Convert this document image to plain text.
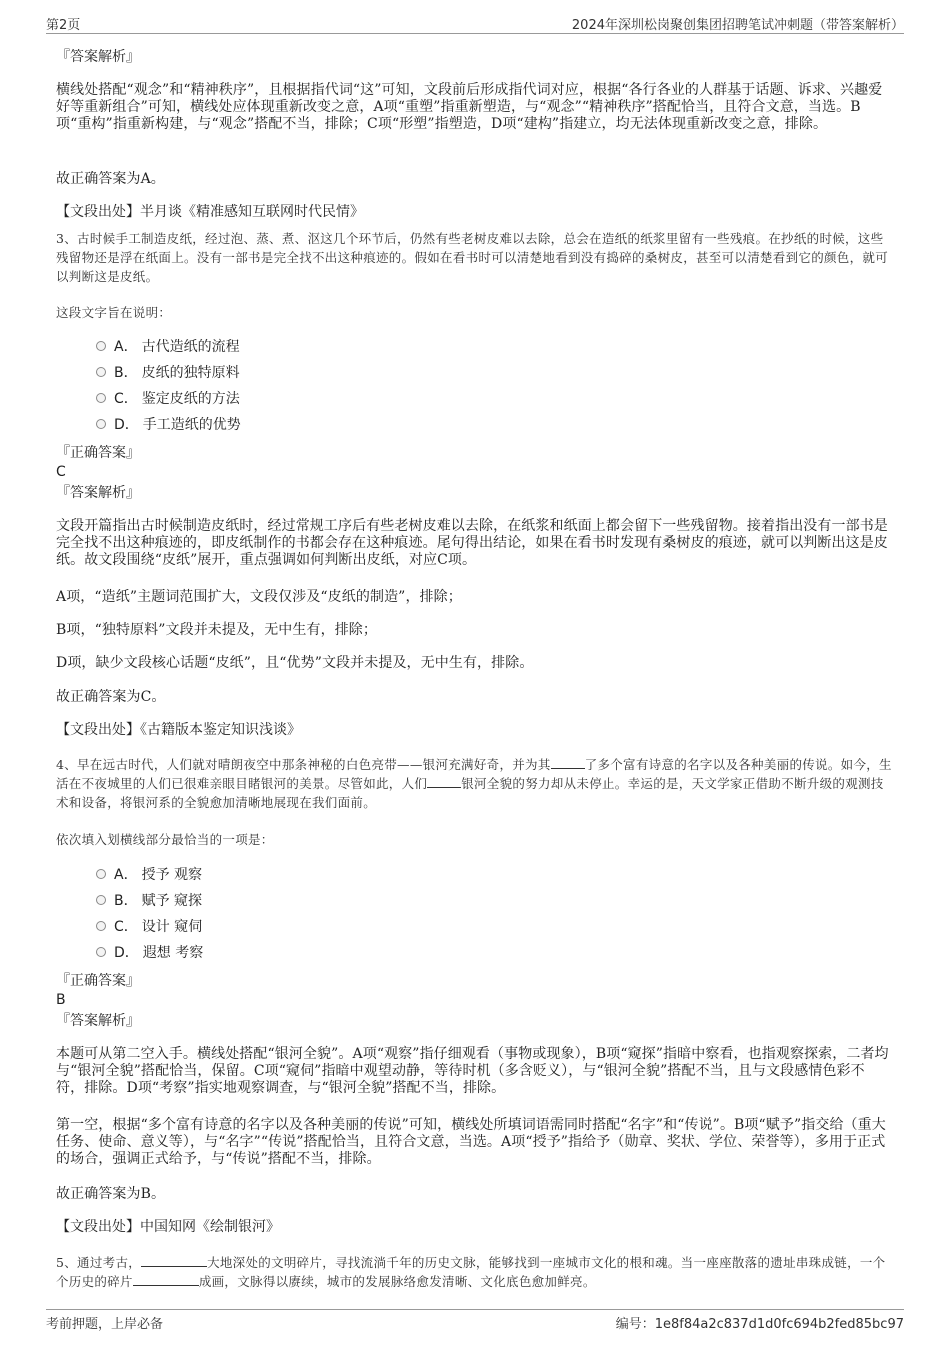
第2页	2024年深圳松岗聚创集团招聘笔试冲刺题（带答案解析）
『答案解析』
横线处搭配“观念”和“精神秩序”，且根据指代词“这”可知，文段前后形成指代词对应，根据“各行各业的人群基于话题、诉求、兴趣爱好等重新组合”可知，横线处应体现重新改变之意，A项“重塑”指重新塑造，与“观念”“精神秩序”搭配恰当，且符合文意，当选。B项“重构”指重新构建，与“观念”搭配不当，排除；C项“形塑”指塑造，D项“建构”指建立，均无法体现重新改变之意，排除。
故正确答案为A。
【文段出处】半月谈《精准感知互联网时代民情》
3、古时候手工制造皮纸，经过泡、蒸、煮、沤这几个环节后，仍然有些老树皮难以去除，总会在造纸的纸浆里留有一些残痕。在抄纸的时候，这些残留物还是浮在纸面上。没有一部书是完全找不出这种痕迹的。假如在看书时可以清楚地看到没有捣碎的桑树皮，甚至可以清楚看到它的颜色，就可以判断这是皮纸。
这段文字旨在说明：
A． 古代造纸的流程
B． 皮纸的独特原料
C． 鉴定皮纸的方法
D． 手工造纸的优势
『正确答案』
C
『答案解析』
文段开篇指出古时候制造皮纸时，经过常规工序后有些老树皮难以去除，在纸浆和纸面上都会留下一些残留物。接着指出没有一部书是完全找不出这种痕迹的，即皮纸制作的书都会存在这种痕迹。尾句得出结论，如果在看书时发现有桑树皮的痕迹，就可以判断出这是皮纸。故文段围绕“皮纸”展开，重点强调如何判断出皮纸，对应C项。
A项，“造纸”主题词范围扩大，文段仅涉及“皮纸的制造”，排除；
B项，“独特原料”文段并未提及，无中生有，排除；
D项，缺少文段核心话题“皮纸”，且“优势”文段并未提及，无中生有，排除。
故正确答案为C。
【文段出处】《古籍版本鉴定知识浅谈》
4、早在远古时代，人们就对晴朗夜空中那条神秘的白色亮带——银河充满好奇，并为其	了多个富有诗意的名字以及各种美丽的传说。如今，生活在不夜城里的人们已很难亲眼目睹银河的美景。尽管如此，人们	银河全貌的努力却从未停止。幸运的是，天文学家正借助不断升级的观测技术和设备，将银河系的全貌愈加清晰地展现在我们面前。
依次填入划横线部分最恰当的一项是：
A． 授予 观察
B． 赋予 窥探
C． 设计 窥伺
D． 遐想 考察
『正确答案』
B
『答案解析』
本题可从第二空入手。横线处搭配“银河全貌”。A项“观察”指仔细观看（事物或现象），B项“窥探”指暗中察看，也指观察探索，二者均与“银河全貌”搭配恰当，保留。C项“窥伺”指暗中观望动静，等待时机（多含贬义），与“银河全貌”搭配不当，且与文段感情色彩不符，排除。D项“考察”指实地观察调查，与“银河全貌”搭配不当，排除。
第一空，根据“多个富有诗意的名字以及各种美丽的传说”可知，横线处所填词语需同时搭配“名字”和“传说”。B项“赋予”指交给（重大任务、使命、意义等），与“名字”“传说”搭配恰当，且符合文意，当选。A项“授予”指给予（勋章、奖状、学位、荣誉等），多用于正式的场合，强调正式给予，与“传说”搭配不当，排除。
故正确答案为B。
【文段出处】中国知网《绘制银河》
5、通过考古，	大地深处的文明碎片，寻找流淌千年的历史文脉，能够找到一座城市文化的根和魂。当一座座散落的遗址串珠成链，一个个历史的碎片	成画，文脉得以赓续，城市的发展脉络愈发清晰、文化底色愈加鲜亮。
考前押题，上岸必备	编号：1e8f84a2c837d1d0fc694b2fed85bc97
